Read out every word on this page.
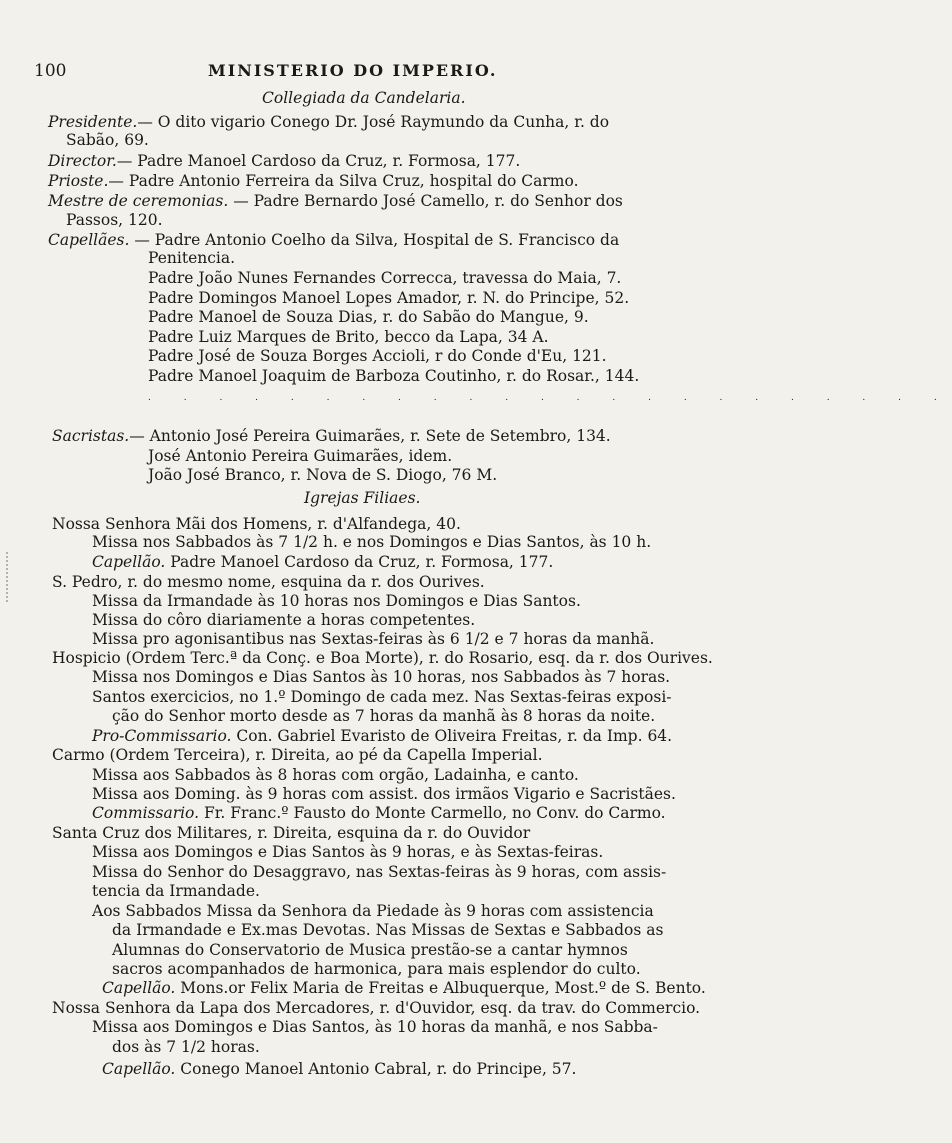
100	MINISTERIO DO IMPERIO.
Collegiada da Candelaria.
Presidente.— O dito vigario Conego Dr. José Raymundo da Cunha, r. do
Sabão, 69.
Director.— Padre Manoel Cardoso da Cruz, r. Formosa, 177.
Prioste.— Padre Antonio Ferreira da Silva Cruz, hospital do Carmo.
Mestre de ceremonias. — Padre Bernardo José Camello, r. do Senhor dos
Passos, 120.
Capellães. — Padre Antonio Coelho da Silva, Hospital de S. Francisco da
Penitencia.
Padre João Nunes Fernandes Correcca, travessa do Maia, 7.
Padre Domingos Manoel Lopes Amador, r. N. do Principe, 52.
Padre Manoel de Souza Dias, r. do Sabão do Mangue, 9.
Padre Luiz Marques de Brito, becco da Lapa, 34 A.
Padre José de Souza Borges Accioli, r do Conde d'Eu, 121.
Padre Manoel Joaquim de Barboza Coutinho, r. do Rosar., 144.
. . . . . . . . . . . . . . . . . . . . . . .
Sacristas.— Antonio José Pereira Guimarães, r. Sete de Setembro, 134.
José Antonio Pereira Guimarães, idem.
João José Branco, r. Nova de S. Diogo, 76 M.
Igrejas Filiaes.
Nossa Senhora Mãi dos Homens, r. d'Alfandega, 40.
Missa nos Sabbados às 7 1/2 h. e nos Domingos e Dias Santos, às 10 h.
Capellão. Padre Manoel Cardoso da Cruz, r. Formosa, 177.
S. Pedro, r. do mesmo nome, esquina da r. dos Ourives.
Missa da Irmandade às 10 horas nos Domingos e Dias Santos.
Missa do côro diariamente a horas competentes.
Missa pro agonisantibus nas Sextas-feiras às 6 1/2 e 7 horas da manhã.
Hospicio (Ordem Terc.ª da Conç. e Boa Morte), r. do Rosario, esq. da r. dos Ourives.
Missa nos Domingos e Dias Santos às 10 horas, nos Sabbados às 7 horas.
Santos exercicios, no 1.º Domingo de cada mez. Nas Sextas-feiras exposi-
ção do Senhor morto desde as 7 horas da manhã às 8 horas da noite.
Pro-Commissario. Con. Gabriel Evaristo de Oliveira Freitas, r. da Imp. 64.
Carmo (Ordem Terceira), r. Direita, ao pé da Capella Imperial.
Missa aos Sabbados às 8 horas com orgão, Ladainha, e canto.
Missa aos Doming. às 9 horas com assist. dos irmãos Vigario e Sacristães.
Commissario. Fr. Franc.º Fausto do Monte Carmello, no Conv. do Carmo.
Santa Cruz dos Militares, r. Direita, esquina da r. do Ouvidor
Missa aos Domingos e Dias Santos às 9 horas, e às Sextas-feiras.
Missa do Senhor do Desaggravo, nas Sextas-feiras às 9 horas, com assis-
tencia da Irmandade.
Aos Sabbados Missa da Senhora da Piedade às 9 horas com assistencia
da Irmandade e Ex.mas Devotas. Nas Missas de Sextas e Sabbados as
Alumnas do Conservatorio de Musica prestão-se a cantar hymnos
sacros acompanhados de harmonica, para mais esplendor do culto.
Capellão. Mons.or Felix Maria de Freitas e Albuquerque, Most.º de S. Bento.
Nossa Senhora da Lapa dos Mercadores, r. d'Ouvidor, esq. da trav. do Commercio.
Missa aos Domingos e Dias Santos, às 10 horas da manhã, e nos Sabba-
dos às 7 1/2 horas.
Capellão. Conego Manoel Antonio Cabral, r. do Principe, 57.
